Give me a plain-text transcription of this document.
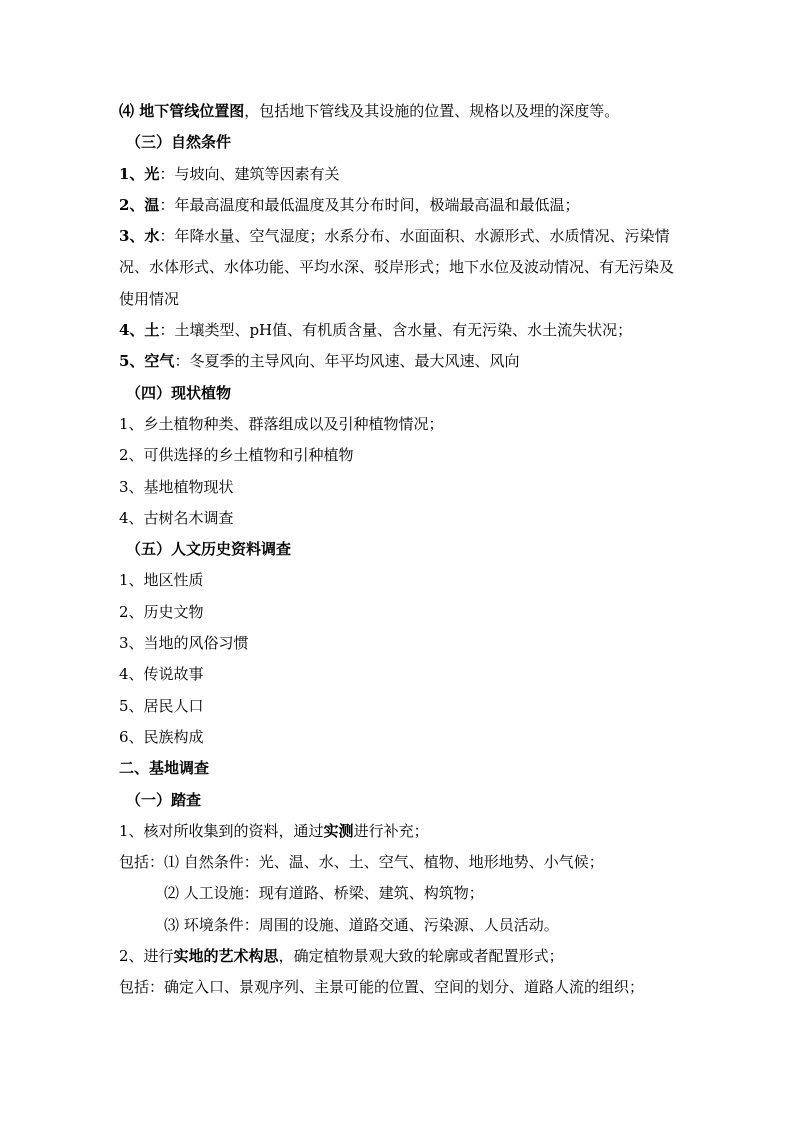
⑷ 地下管线位置图，包括地下管线及其设施的位置、规格以及埋的深度等。
（三）自然条件
1、光：与坡向、建筑等因素有关
2、温：年最高温度和最低温度及其分布时间，极端最高温和最低温；
3、水：年降水量、空气湿度；水系分布、水面面积、水源形式、水质情况、污染情况、水体形式、水体功能、平均水深、驳岸形式；地下水位及波动情况、有无污染及使用情况
4、土：土壤类型、pH值、有机质含量、含水量、有无污染、水土流失状况；
5、空气：冬夏季的主导风向、年平均风速、最大风速、风向
（四）现状植物
1、乡土植物种类、群落组成以及引种植物情况；
2、可供选择的乡土植物和引种植物
3、基地植物现状
4、古树名木调查
（五）人文历史资料调查
1、地区性质
2、历史文物
3、当地的风俗习惯
4、传说故事
5、居民人口
6、民族构成
二、基地调查
（一）踏查
1、核对所收集到的资料，通过实测进行补充；
包括：⑴ 自然条件：光、温、水、土、空气、植物、地形地势、小气候；
⑵ 人工设施：现有道路、桥梁、建筑、构筑物；
⑶ 环境条件：周围的设施、道路交通、污染源、人员活动。
2、进行实地的艺术构思，确定植物景观大致的轮廓或者配置形式；
包括：确定入口、景观序列、主景可能的位置、空间的划分、道路人流的组织；
